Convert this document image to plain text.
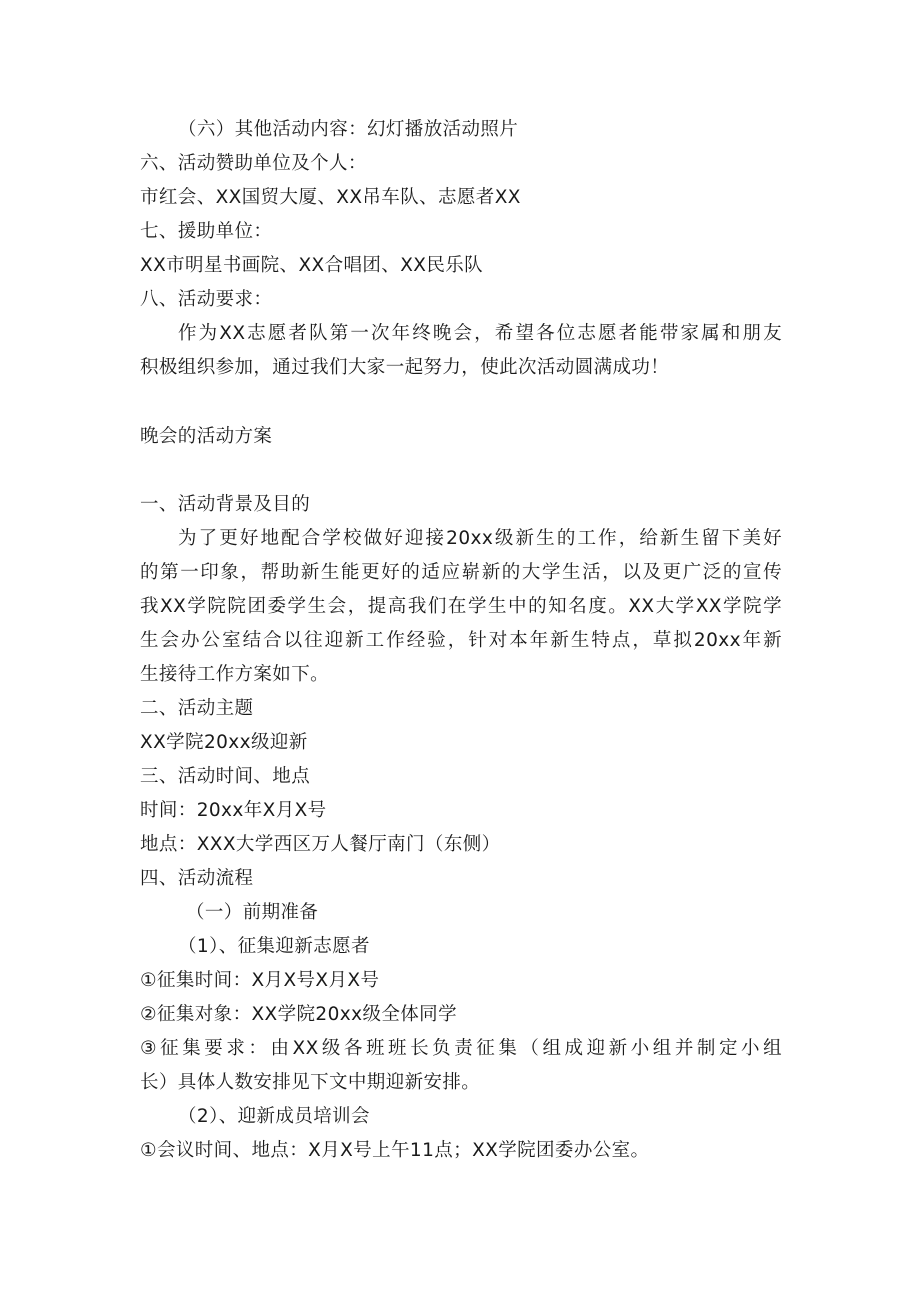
（六）其他活动内容：幻灯播放活动照片
六、活动赞助单位及个人：
市红会、XX国贸大厦、XX吊车队、志愿者XX
七、援助单位：
XX市明星书画院、XX合唱团、XX民乐队
八、活动要求：
作为XX志愿者队第一次年终晚会，希望各位志愿者能带家属和朋友
积极组织参加，通过我们大家一起努力，使此次活动圆满成功！
晚会的活动方案
一、活动背景及目的
为了更好地配合学校做好迎接20xx级新生的工作，给新生留下美好
的第一印象，帮助新生能更好的适应崭新的大学生活，以及更广泛的宣传
我XX学院院团委学生会，提高我们在学生中的知名度。XX大学XX学院学
生会办公室结合以往迎新工作经验，针对本年新生特点，草拟20xx年新
生接待工作方案如下。
二、活动主题
XX学院20xx级迎新
三、活动时间、地点
时间：20xx年X月X号
地点：XXX大学西区万人餐厅南门（东侧）
四、活动流程
（一）前期准备
（1）、征集迎新志愿者
①征集时间：X月X号X月X号
②征集对象：XX学院20xx级全体同学
③征集要求：由XX级各班班长负责征集（组成迎新小组并制定小组
长）具体人数安排见下文中期迎新安排。
（2）、迎新成员培训会
①会议时间、地点：X月X号上午11点；XX学院团委办公室。
